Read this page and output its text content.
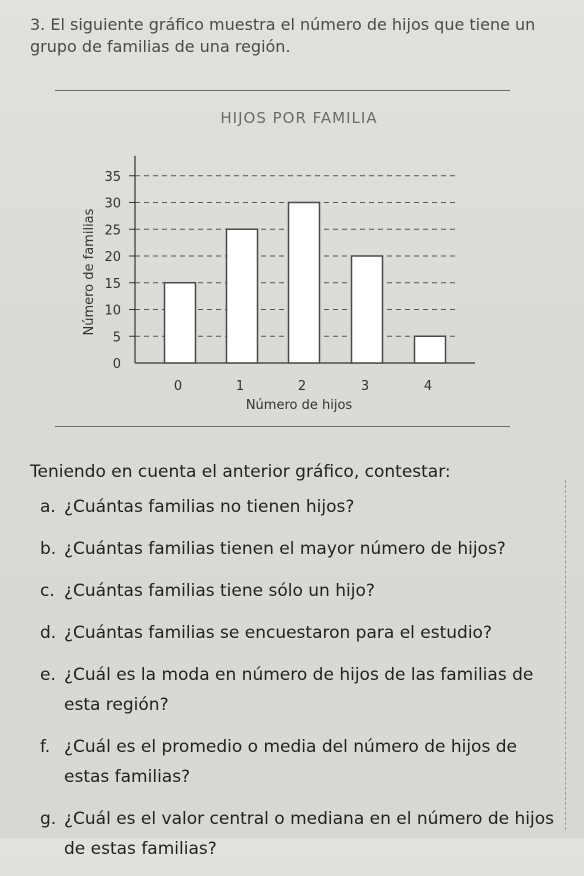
3. El siguiente gráfico muestra el número de hijos que tiene un grupo de familias de una región.

HIJOS POR FAMILIA
0
5
10
15
20
25
30
35
0	1	2	3	4
Número de hijos
Número de familias

Teniendo en cuenta el anterior gráfico, contestar:

a. ¿Cuántas familias no tienen hijos?
b. ¿Cuántas familias tienen el mayor número de hijos?
c. ¿Cuántas familias tiene sólo un hijo?
d. ¿Cuántas familias se encuestaron para el estudio?
e. ¿Cuál es la moda en número de hijos de las familias de esta región?
f. ¿Cuál es el promedio o media del número de hijos de estas familias?
g. ¿Cuál es el valor central o mediana en el número de hijos de estas familias?
